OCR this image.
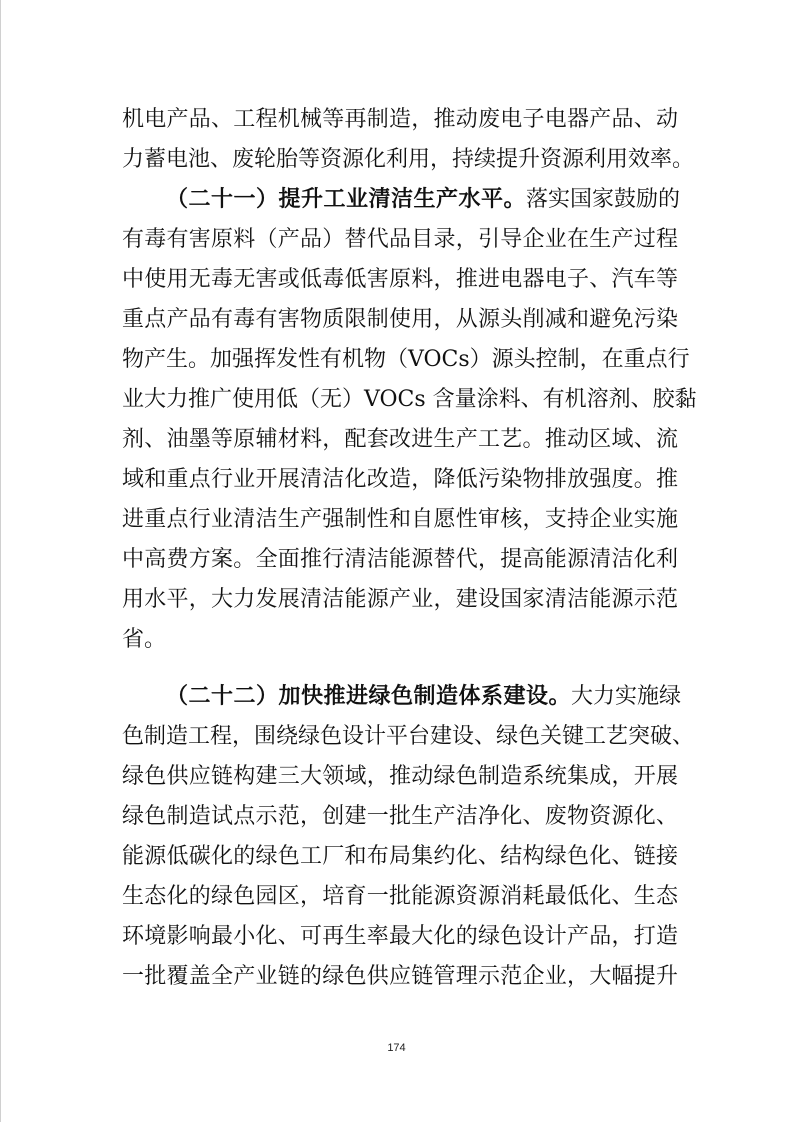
机电产品、工程机械等再制造，推动废电子电器产品、动
力蓄电池、废轮胎等资源化利用，持续提升资源利用效率。
（二十一）提升工业清洁生产水平。落实国家鼓励的
有毒有害原料（产品）替代品目录，引导企业在生产过程
中使用无毒无害或低毒低害原料，推进电器电子、汽车等
重点产品有毒有害物质限制使用，从源头削减和避免污染
物产生。加强挥发性有机物（VOCs）源头控制，在重点行
业大力推广使用低（无）VOCs 含量涂料、有机溶剂、胶黏
剂、油墨等原辅材料，配套改进生产工艺。推动区域、流
域和重点行业开展清洁化改造，降低污染物排放强度。推
进重点行业清洁生产强制性和自愿性审核，支持企业实施
中高费方案。全面推行清洁能源替代，提高能源清洁化利
用水平，大力发展清洁能源产业，建设国家清洁能源示范
省。
（二十二）加快推进绿色制造体系建设。大力实施绿
色制造工程，围绕绿色设计平台建设、绿色关键工艺突破、
绿色供应链构建三大领域，推动绿色制造系统集成，开展
绿色制造试点示范，创建一批生产洁净化、废物资源化、
能源低碳化的绿色工厂和布局集约化、结构绿色化、链接
生态化的绿色园区，培育一批能源资源消耗最低化、生态
环境影响最小化、可再生率最大化的绿色设计产品，打造
一批覆盖全产业链的绿色供应链管理示范企业，大幅提升
174
